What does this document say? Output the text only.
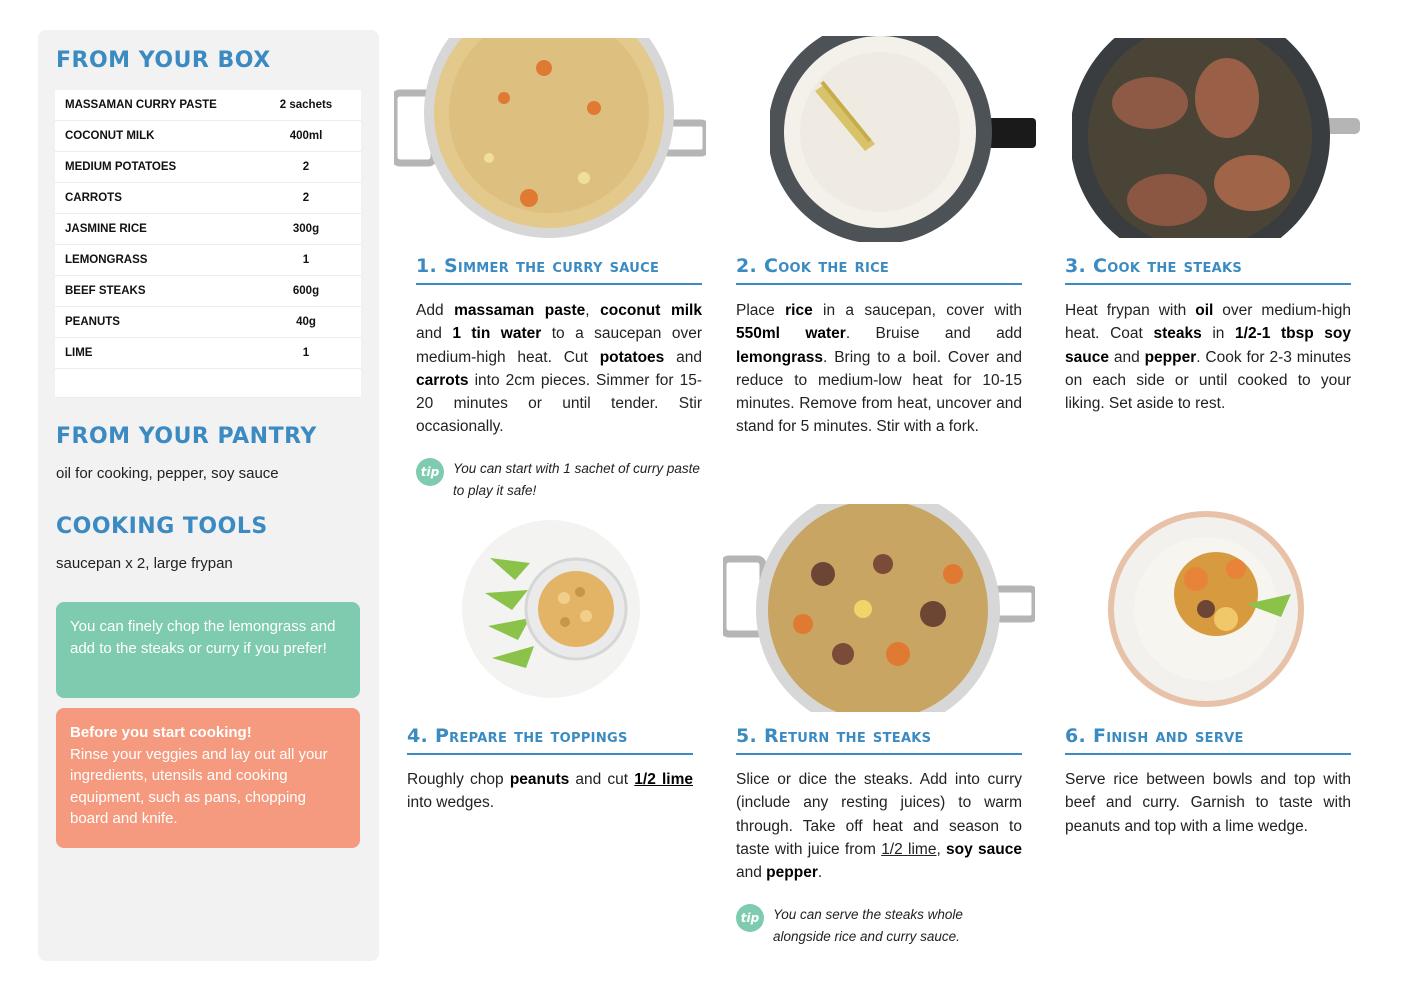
FROM YOUR BOX
MASSAMAN CURRY PASTE	2 sachets
COCONUT MILK	400ml
MEDIUM POTATOES	2
CARROTS	2
JASMINE RICE	300g
LEMONGRASS	1
BEEF STEAKS	600g
PEANUTS	40g
LIME	1

FROM YOUR PANTRY
oil for cooking, pepper, soy sauce
COOKING TOOLS
saucepan x 2, large frypan
You can finely chop the lemongrass and add to the steaks or curry if you prefer!
Before you start cooking!
Rinse your veggies and lay out all your ingredients, utensils and cooking equipment, such as pans, chopping board and knife.
1. Simmer the curry sauce
Add massaman paste, coconut milk and 1 tin water to a saucepan over medium-high heat. Cut potatoes and carrots into 2cm pieces. Simmer for 15-20 minutes or until tender. Stir occasionally.
tip	You can start with 1 sachet of curry paste to play it safe!
2. Cook the rice
Place rice in a saucepan, cover with 550ml water. Bruise and add lemongrass. Bring to a boil. Cover and reduce to medium-low heat for 10-15 minutes. Remove from heat, uncover and stand for 5 minutes. Stir with a fork.
3. Cook the steaks
Heat frypan with oil over medium-high heat. Coat steaks in 1/2-1 tbsp soy sauce and pepper. Cook for 2-3 minutes on each side or until cooked to your liking. Set aside to rest.
4. Prepare the toppings
Roughly chop peanuts and cut 1/2 lime into wedges.
5. Return the steaks
Slice or dice the steaks. Add into curry (include any resting juices) to warm through. Take off heat and season to taste with juice from 1/2 lime, soy sauce and pepper.
tip	You can serve the steaks whole alongside rice and curry sauce.
6. Finish and serve
Serve rice between bowls and top with beef and curry. Garnish to taste with peanuts and top with a lime wedge.
